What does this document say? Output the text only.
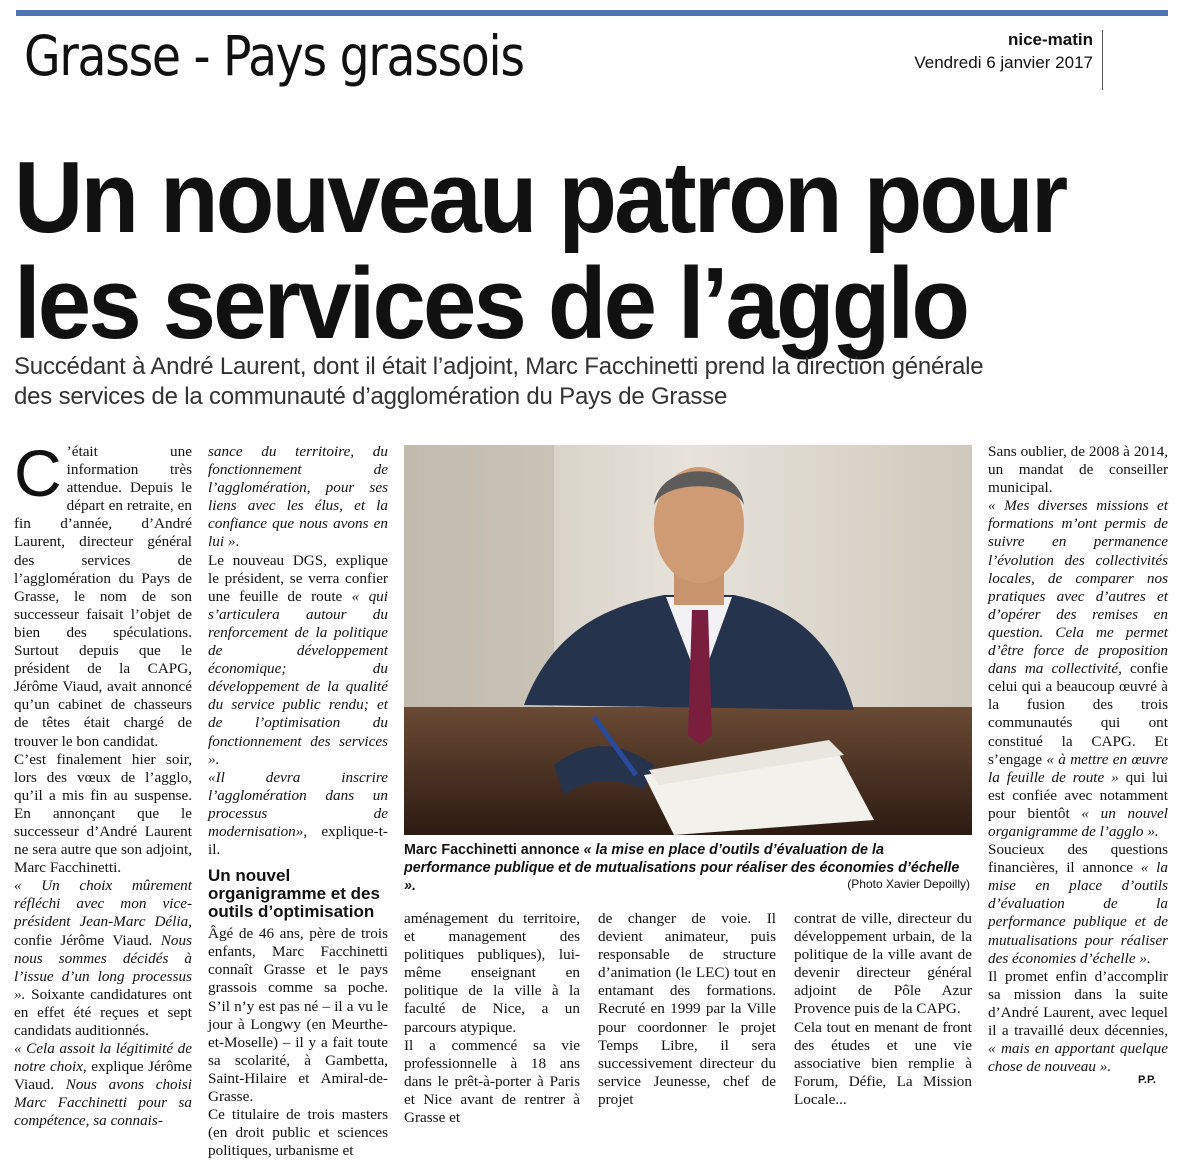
Grasse - Pays grassois	nice-matin
Vendredi 6 janvier 2017
Un nouveau patron pour
les services de l’agglo
Succédant à André Laurent, dont il était l’adjoint, Marc Facchinetti prend la direction générale
des services de la communauté d’agglomération du Pays de Grasse

C ’était une information très attendue. Depuis le départ en retraite, en fin d’année, d’André Laurent, directeur général des services de l’agglomération du Pays de Grasse, le nom de son successeur faisait l’objet de bien des spéculations. Surtout depuis que le président de la CAPG, Jérôme Viaud, avait annoncé qu’un cabinet de chasseurs de têtes était chargé de trouver le bon candidat.

C’est finalement hier soir, lors des vœux de l’agglo, qu’il a mis fin au suspense. En annonçant que le successeur d’André Laurent ne sera autre que son adjoint, Marc Facchinetti.

« Un choix mûrement réfléchi avec mon vice-président Jean-Marc Délia, confie Jérôme Viaud. Nous nous sommes décidés à l’issue d’un long processus ». Soixante candidatures ont en effet été reçues et sept candidats auditionnés.

« Cela assoit la légitimité de notre choix, explique Jérôme Viaud. Nous avons choisi Marc Facchinetti pour sa compétence, sa connais-

sance du territoire, du fonctionnement de l’agglomération, pour ses liens avec les élus, et la confiance que nous avons en lui ».

Le nouveau DGS, explique le président, se verra confier une feuille de route « qui s’articulera autour du renforcement de la politique de développement économique; du développement de la qualité du service public rendu; et de l’optimisation du fonctionnement des services ».

«Il devra inscrire l’agglomération dans un processus de modernisation», explique-t-il.

Un nouvel organigramme et des outils d’optimisation

Âgé de 46 ans, père de trois enfants, Marc Facchinetti connaît Grasse et le pays grassois comme sa poche. S’il n’y est pas né – il a vu le jour à Longwy (en Meurthe-et-Moselle) – il y a fait toute sa scolarité, à Gambetta, Saint-Hilaire et Amiral-de-Grasse.

Ce titulaire de trois masters (en droit public et sciences politiques, urbanisme et

Marc Facchinetti annonce « la mise en place d’outils d’évaluation de la performance publique et de mutualisations pour réaliser des économies d’échelle ».	(Photo Xavier Depoilly)

aménagement du territoire, et management des politiques publiques), lui-même enseignant en politique de la ville à la faculté de Nice, a un parcours atypique.

Il a commencé sa vie professionnelle à 18 ans dans le prêt-à-porter à Paris et Nice avant de rentrer à Grasse et

de changer de voie. Il devient animateur, puis responsable de structure d’animation (le LEC) tout en entamant des formations. Recruté en 1999 par la Ville pour coordonner le projet Temps Libre, il sera successivement directeur du service Jeunesse, chef de projet

contrat de ville, directeur du développement urbain, de la politique de la ville avant de devenir directeur général adjoint de Pôle Azur Provence puis de la CAPG.

Cela tout en menant de front des études et une vie associative bien remplie à Forum, Défie, La Mission Locale...

Sans oublier, de 2008 à 2014, un mandat de conseiller municipal.

« Mes diverses missions et formations m’ont permis de suivre en permanence l’évolution des collectivités locales, de comparer nos pratiques avec d’autres et d’opérer des remises en question. Cela me permet d’être force de proposition dans ma collectivité, confie celui qui a beaucoup œuvré à la fusion des trois communautés qui ont constitué la CAPG. Et s’engage « à mettre en œuvre la feuille de route » qui lui est confiée avec notamment pour bientôt « un nouvel organigramme de l’agglo ».

Soucieux des questions financières, il annonce « la mise en place d’outils d’évaluation de la performance publique et de mutualisations pour réaliser des économies d’échelle ».

Il promet enfin d’accomplir sa mission dans la suite d’André Laurent, avec lequel il a travaillé deux décennies, « mais en apportant quelque chose de nouveau ».

P.P.
